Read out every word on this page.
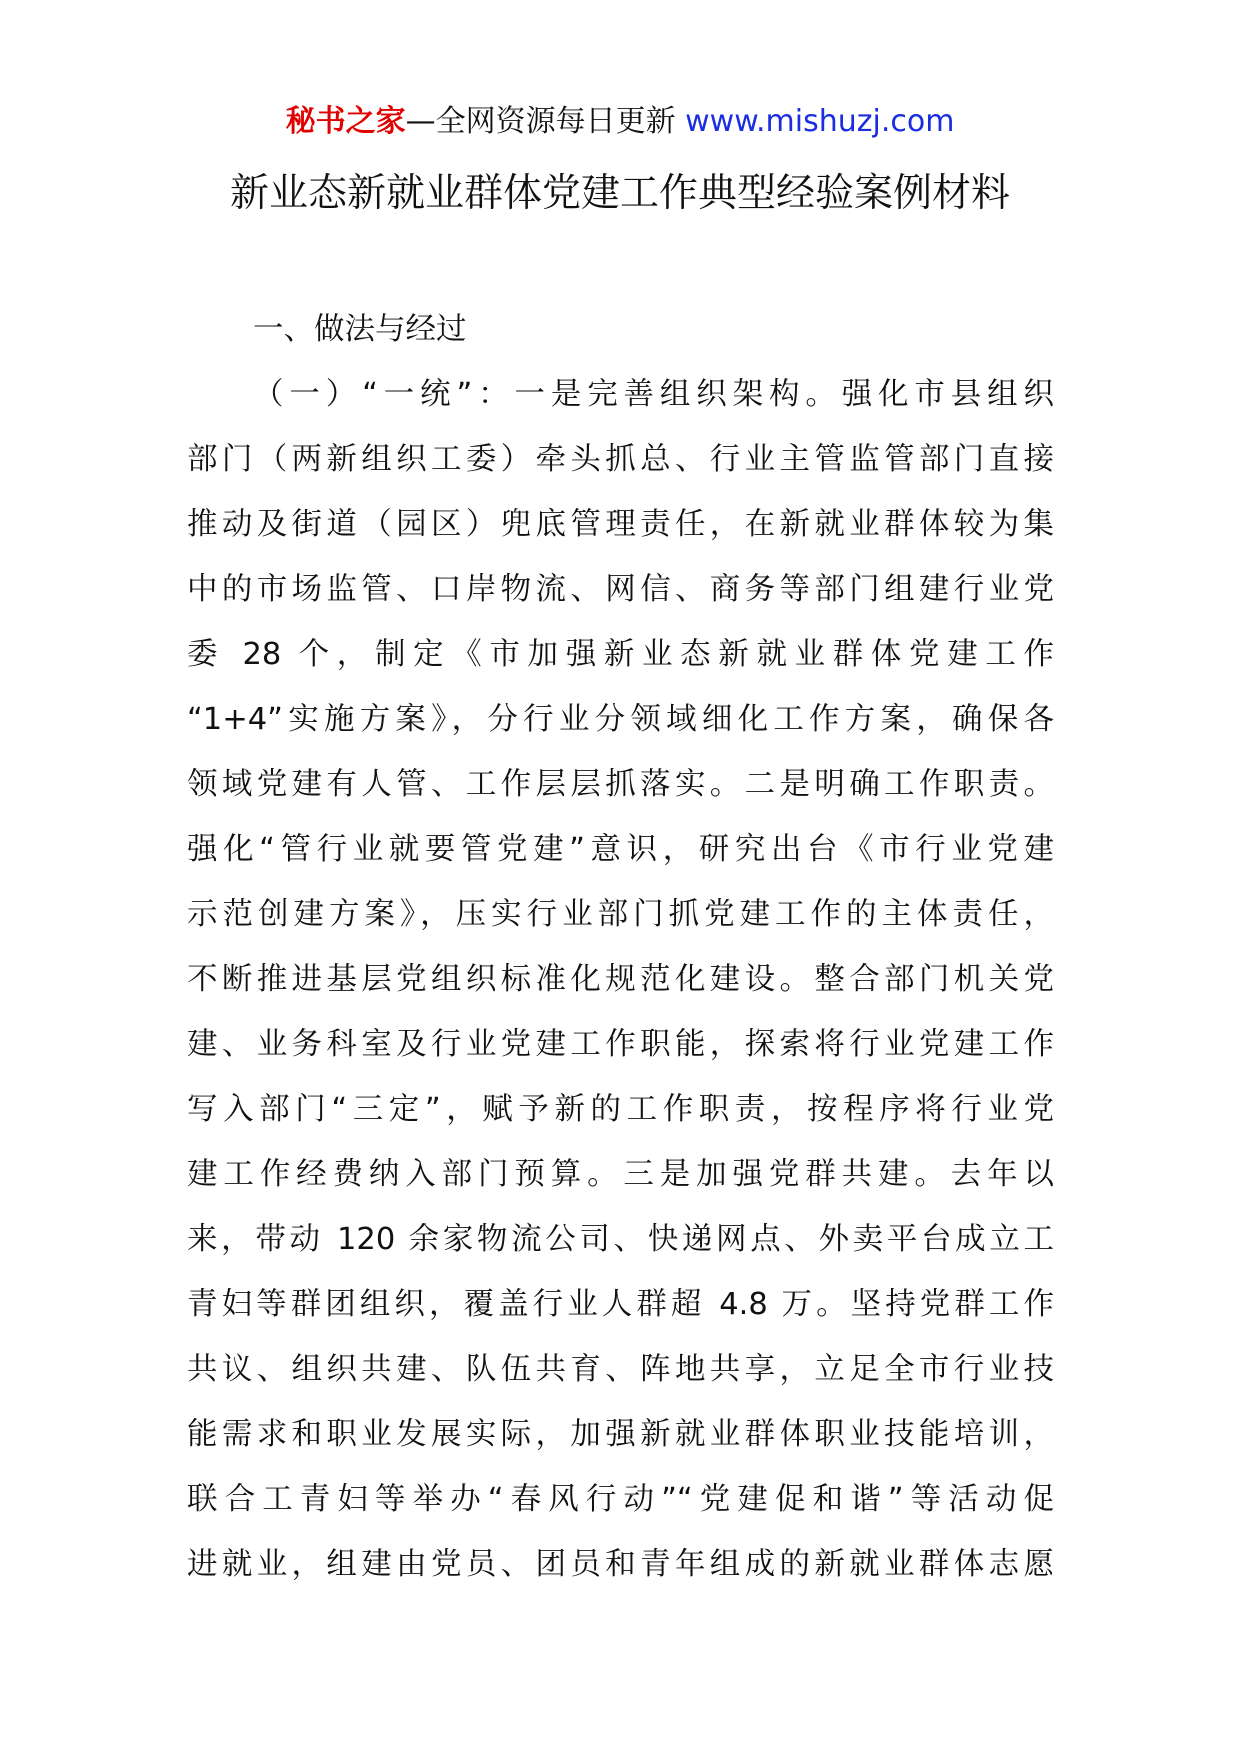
秘书之家—全网资源每日更新 www.mishuzj.com
新业态新就业群体党建工作典型经验案例材料
一、做法与经过
（一）“一统”：一是完善组织架构。强化市县组织
部门（两新组织工委）牵头抓总、行业主管监管部门直接
推动及街道（园区）兜底管理责任，在新就业群体较为集
中的市场监管、口岸物流、网信、商务等部门组建行业党
委 28 个，制定《市加强新业态新就业群体党建工作
“1+4”实施方案》，分行业分领域细化工作方案，确保各
领域党建有人管、工作层层抓落实。二是明确工作职责。
强化“管行业就要管党建”意识，研究出台《市行业党建
示范创建方案》，压实行业部门抓党建工作的主体责任，
不断推进基层党组织标准化规范化建设。整合部门机关党
建、业务科室及行业党建工作职能，探索将行业党建工作
写入部门“三定”，赋予新的工作职责，按程序将行业党
建工作经费纳入部门预算。三是加强党群共建。去年以
来，带动 120 余家物流公司、快递网点、外卖平台成立工
青妇等群团组织，覆盖行业人群超 4.8 万。坚持党群工作
共议、组织共建、队伍共育、阵地共享，立足全市行业技
能需求和职业发展实际，加强新就业群体职业技能培训，
联合工青妇等举办“春风行动”“党建促和谐”等活动促
进就业，组建由党员、团员和青年组成的新就业群体志愿
